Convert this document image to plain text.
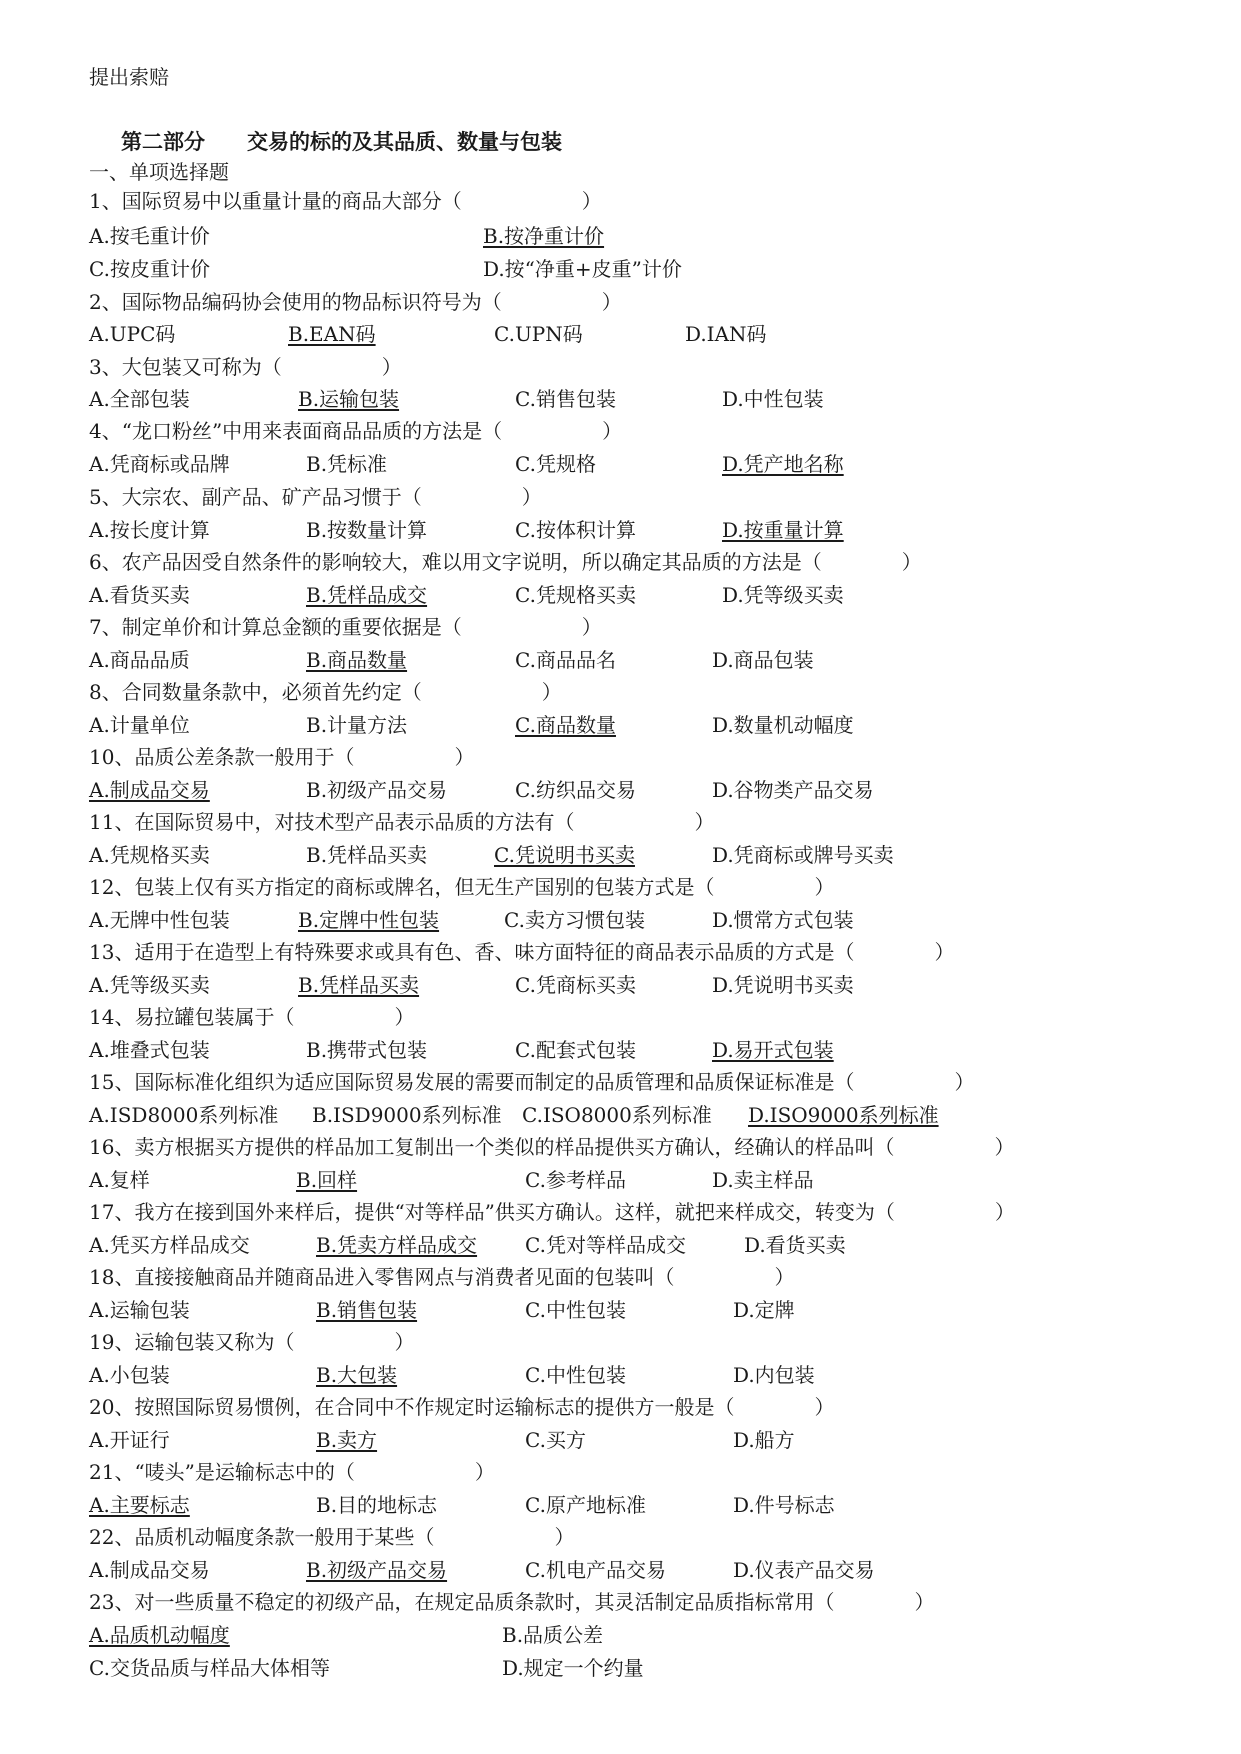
提出索赔
第二部分　　交易的标的及其品质、数量与包装
一、单项选择题
1、国际贸易中以重量计量的商品大部分（　　　　　　）
A.按毛重计价	B.按净重计价
C.按皮重计价	D.按“净重+皮重”计价
2、国际物品编码协会使用的物品标识符号为（　　　　　）
A.UPC码	B.EAN码	C.UPN码	D.IAN码
3、大包装又可称为（　　　　　）
A.全部包装	B.运输包装	C.销售包装	D.中性包装
4、“龙口粉丝”中用来表面商品品质的方法是（　　　　　）
A.凭商标或品牌	B.凭标准	C.凭规格	D.凭产地名称
5、大宗农、副产品、矿产品习惯于（　　　　　）
A.按长度计算	B.按数量计算	C.按体积计算	D.按重量计算
6、农产品因受自然条件的影响较大，难以用文字说明，所以确定其品质的方法是（　　　　）
A.看货买卖	B.凭样品成交	C.凭规格买卖	D.凭等级买卖
7、制定单价和计算总金额的重要依据是（　　　　　　）
A.商品品质	B.商品数量	C.商品品名	D.商品包装
8、合同数量条款中，必须首先约定（　　　　　　）
A.计量单位	B.计量方法	C.商品数量	D.数量机动幅度
10、品质公差条款一般用于（　　　　　）
A.制成品交易	B.初级产品交易	C.纺织品交易	D.谷物类产品交易
11、在国际贸易中，对技术型产品表示品质的方法有（　　　　　　）
A.凭规格买卖	B.凭样品买卖	C.凭说明书买卖	D.凭商标或牌号买卖
12、包装上仅有买方指定的商标或牌名，但无生产国别的包装方式是（　　　　　）
A.无牌中性包装	B.定牌中性包装	C.卖方习惯包装	D.惯常方式包装
13、适用于在造型上有特殊要求或具有色、香、味方面特征的商品表示品质的方式是（　　　　）
A.凭等级买卖	B.凭样品买卖	C.凭商标买卖	D.凭说明书买卖
14、易拉罐包装属于（　　　　　）
A.堆叠式包装	B.携带式包装	C.配套式包装	D.易开式包装
15、国际标准化组织为适应国际贸易发展的需要而制定的品质管理和品质保证标准是（　　　　　）
A.ISD8000系列标准 B.ISD9000系列标准 C.ISO8000系列标准 D.ISO9000系列标准
16、卖方根据买方提供的样品加工复制出一个类似的样品提供买方确认，经确认的样品叫（　　　　　）
A.复样	B.回样	C.参考样品	D.卖主样品
17、我方在接到国外来样后，提供“对等样品”供买方确认。这样，就把来样成交，转变为（　　　　　）
A.凭买方样品成交	B.凭卖方样品成交 C.凭对等样品成交	D.看货买卖
18、直接接触商品并随商品进入零售网点与消费者见面的包装叫（　　　　　）
A.运输包装	B.销售包装	C.中性包装	D.定牌
19、运输包装又称为（　　　　　）
A.小包装	B.大包装	C.中性包装	D.内包装
20、按照国际贸易惯例，在合同中不作规定时运输标志的提供方一般是（　　　　）
A.开证行	B.卖方	C.买方	D.船方
21、“唛头”是运输标志中的（　　　　　　）
A.主要标志	B.目的地标志	C.原产地标准	D.件号标志
22、品质机动幅度条款一般用于某些（　　　　　　）
A.制成品交易	B.初级产品交易	C.机电产品交易	D.仪表产品交易
23、对一些质量不稳定的初级产品，在规定品质条款时，其灵活制定品质指标常用（　　　　）
A.品质机动幅度	B.品质公差
C.交货品质与样品大体相等	D.规定一个约量
